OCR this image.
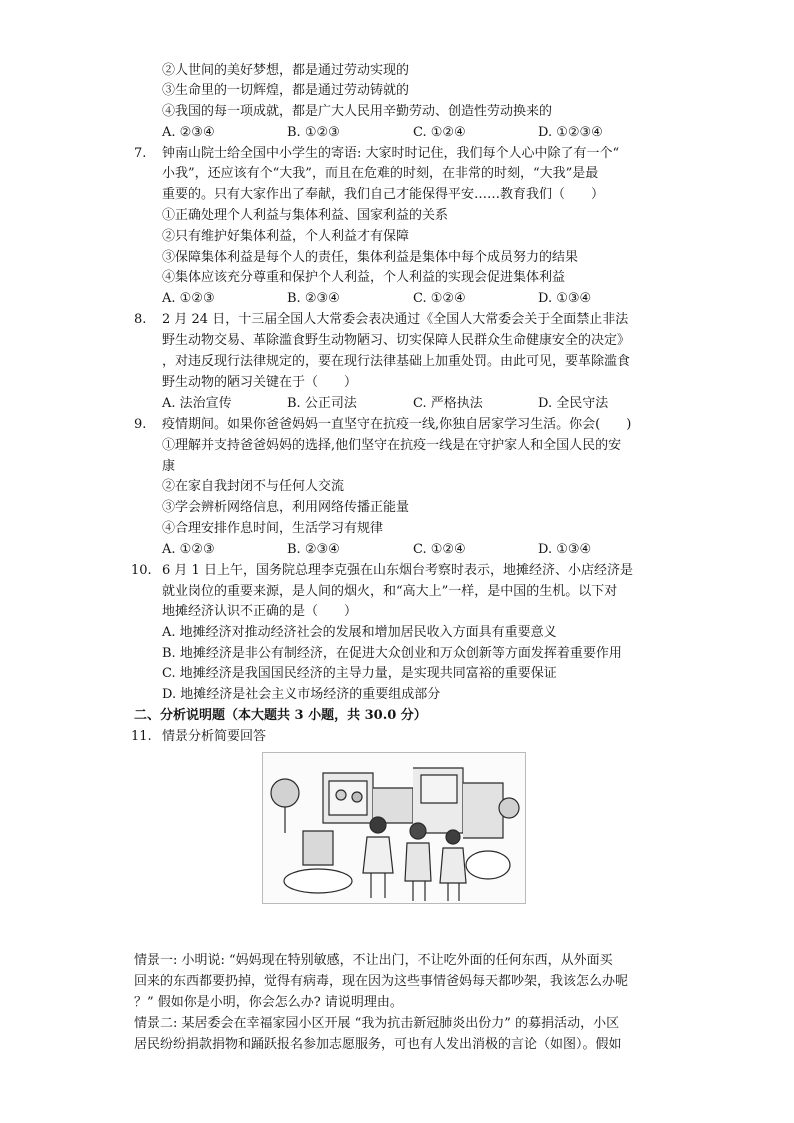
②人世间的美好梦想，都是通过劳动实现的
③生命里的一切辉煌，都是通过劳动铸就的
④我国的每一项成就，都是广大人民用辛勤劳动、创造性劳动换来的
A. ②③④	B. ①②③	C. ①②④	D. ①②③④
7. 钟南山院士给全国中小学生的寄语: 大家时时记住，我们每个人心中除了有一个“
小我”，还应该有个“大我”，而且在危难的时刻，在非常的时刻，“大我”是最
重要的。只有大家作出了奉献，我们自己才能保得平安……教育我们（　　）
①正确处理个人利益与集体利益、国家利益的关系
②只有维护好集体利益，个人利益才有保障
③保障集体利益是每个人的责任，集体利益是集体中每个成员努力的结果
④集体应该充分尊重和保护个人利益，个人利益的实现会促进集体利益
A. ①②③	B. ②③④	C. ①②④	D. ①③④
8. 2 月 24 日，十三届全国人大常委会表决通过《全国人大常委会关于全面禁止非法
野生动物交易、革除滥食野生动物陋习、切实保障人民群众生命健康安全的决定》
，对违反现行法律规定的，要在现行法律基础上加重处罚。由此可见，要革除滥食
野生动物的陋习关键在于（　　）
A. 法治宣传	B. 公正司法	C. 严格执法	D. 全民守法
9. 疫情期间。如果你爸爸妈妈一直坚守在抗疫一线,你独自居家学习生活。你会(　　)
①理解并支持爸爸妈妈的选择,他们坚守在抗疫一线是在守护家人和全国人民的安
康
②在家自我封闭不与任何人交流
③学会辨析网络信息，利用网络传播正能量
④合理安排作息时间，生活学习有规律
A. ①②③	B. ②③④	C. ①②④	D. ①③④
10. 6 月 1 日上午，国务院总理李克强在山东烟台考察时表示，地摊经济、小店经济是
就业岗位的重要来源，是人间的烟火，和“高大上”一样，是中国的生机。以下对
地摊经济认识不正确的是（　　）
A. 地摊经济对推动经济社会的发展和增加居民收入方面具有重要意义
B. 地摊经济是非公有制经济，在促进大众创业和万众创新等方面发挥着重要作用
C. 地摊经济是我国国民经济的主导力量，是实现共同富裕的重要保证
D. 地摊经济是社会主义市场经济的重要组成部分
二、分析说明题（本大题共 3 小题，共 30.0 分）
11. 情景分析简要回答
情景一: 小明说: “妈妈现在特别敏感，不让出门，不让吃外面的任何东西，从外面买
回来的东西都要扔掉，觉得有病毒，现在因为这些事情爸妈每天都吵架，我该怎么办呢
？” 假如你是小明，你会怎么办? 请说明理由。
情景二: 某居委会在幸福家园小区开展 “我为抗击新冠肺炎出份力” 的募捐活动，小区
居民纷纷捐款捐物和踊跃报名参加志愿服务，可也有人发出消极的言论（如图）。假如
